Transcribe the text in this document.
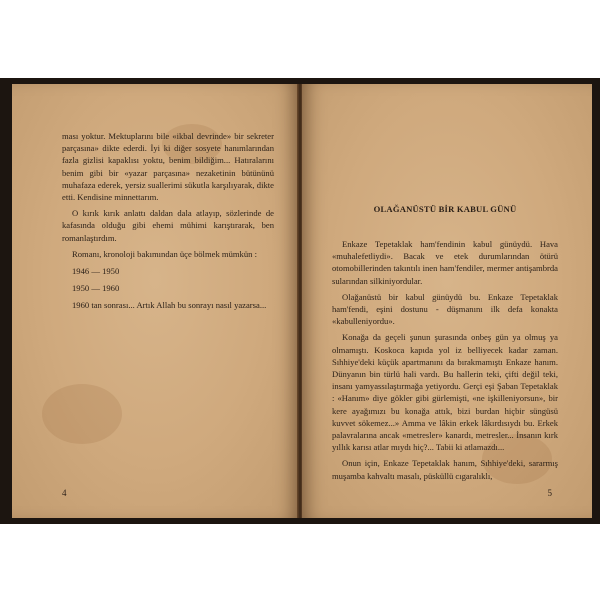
ması yoktur. Mektuplarını bile «ikbal devrinde» bir sekreter parçasına» dikte ederdi. İyi ki diğer sosyete hanımlarından fazla gizlisi kapaklısı yoktu, benim bildiğim... Hatıralarını benim gibi bir «yazar parçasına» nezaketinin bütününü muhafaza ederek, yersiz suallerimi sükutla karşılıyarak, dikte etti. Kendisine minnettarım.

O kırık kırık anlattı daldan dala atlayıp, sözlerinde de kafasında olduğu gibi ehemi mühimi karıştırarak, ben romanlaştırdım.

Romanı, kronoloji bakımından üçe bölmek mümkün :

1946 — 1950

1950 — 1960

1960 tan sonrası... Artık Allah bu sonrayı nasıl yazarsa...

4
OLAĞANÜSTÜ BİR KABUL GÜNÜ

Enkaze Tepetaklak ham'fendinin kabul günüydü. Hava «muhalefetliydi». Bacak ve etek durumlarından ötürü otomobillerinden takıntılı inen ham'fendiler, mermer antişambrda sularından silkiniyordular.

Olağanüstü bir kabul günüydü bu. Enkaze Tepetaklak ham'fendi, eşini dostunu - düşmanını ilk defa konakta «kabulleniyordu».

Konağa da geçeli şunun şurasında onbeş gün ya olmuş ya olmamıştı. Koskoca kapıda yol iz belliyecek kadar zaman. Sıhhiye'deki küçük apartmanını da bırakmamıştı Enkaze hanım. Dünyanın bin türlü hali vardı. Bu hallerin teki, çifti değil teki, insanı yamyassılaştırmağa yetiyordu. Gerçi eşi Şaban Tepetaklak : «Hanım» diye gökler gibi gürlemişti, «ne işkilleniyorsun», bir kere ayağımızı bu konağa attık, bizi burdan hiçbir süngüsü kuvvet sökemez...» Amma ve lâkin erkek lâkırdısıydı bu. Erkek palavralarına ancak «metresler» kanardı, metresler... İnsanın kırk yıllık karısı atlar mıydı hiç?... Tabii ki atlamazdı...

Onun için, Enkaze Tepetaklak hanım, Sıhhiye'deki, sararmış muşamba kahvaltı masalı, püsküllü cıgaralıklı,

5
